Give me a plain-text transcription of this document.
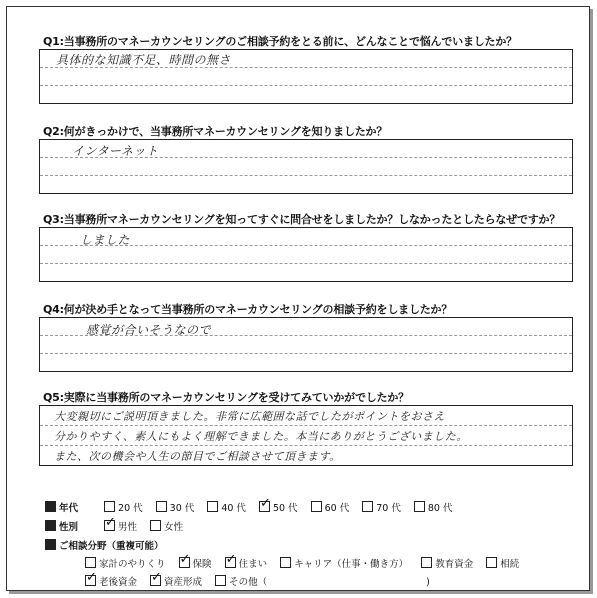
Q1:当事務所のマネーカウンセリングのご相談予約をとる前に、どんなことで悩んでいましたか？
具体的な知識不足、時間の無さ
Q2:何がきっかけで、当事務所マネーカウンセリングを知りましたか？
インターネット
Q3:当事務所マネーカウンセリングを知ってすぐに問合せをしましたか？しなかったとしたらなぜですか？
しました
Q4:何が決め手となって当事務所のマネーカウンセリングの相談予約をしましたか？
感覚が合いそうなので
Q5:実際に当事務所のマネーカウンセリングを受けてみていかがでしたか？
大変親切にご説明頂きました。非常に広範囲な話でしたがポイントをおさえ
分かりやすく、素人にもよく理解できました。本当にありがとうございました。
また、次の機会や人生の節目でご相談させて頂きます。
年代	20 代	30 代	40 代 ✓	50 代	60 代	70 代	80 代
性別 ✓	男性	女性
ご相談分野（重複可能）
家計のやりくり ✓	保険 ✓	住まい	キャリア（仕事・働き方）	教育資金	相続
✓老後資金 ✓	資産形成	その他（	)
